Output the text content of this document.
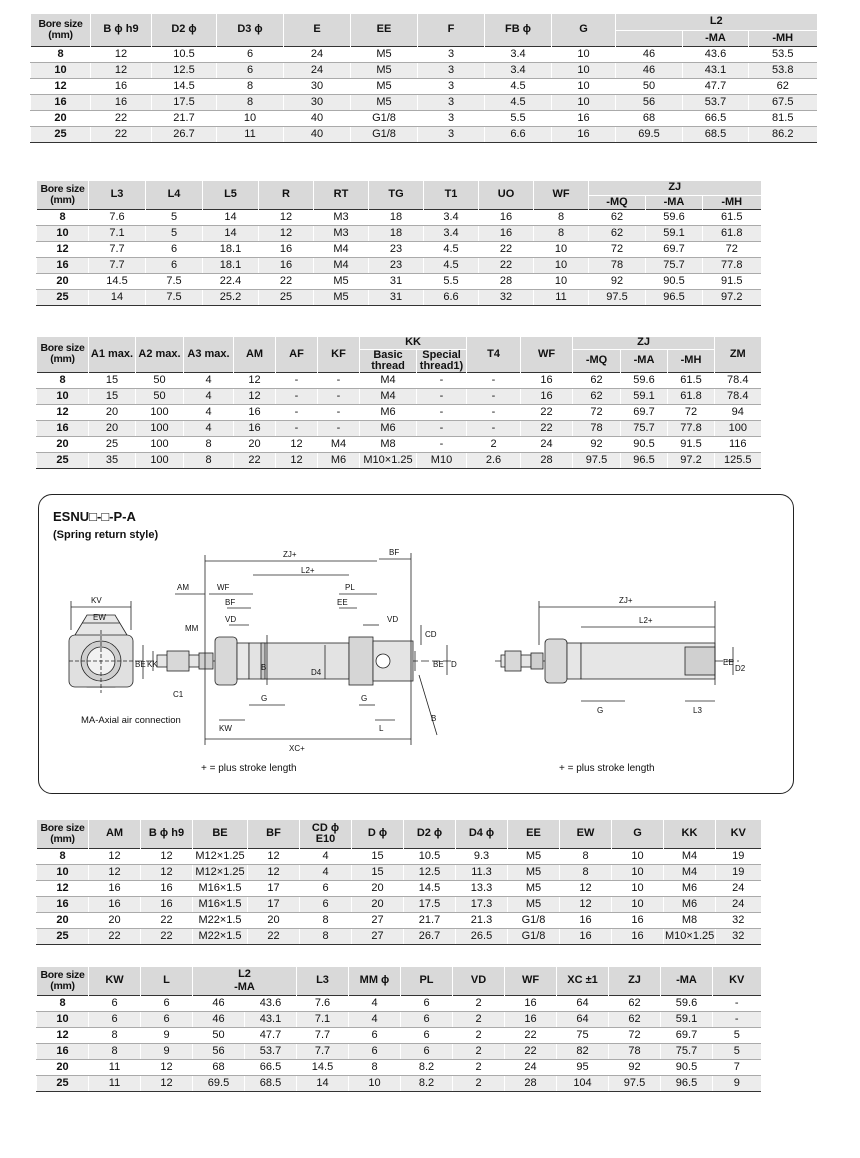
Bore size (mm)	B ϕ h9	D2 ϕ	D3 ϕ	E	EE	F	FB ϕ	G	L2		
										-MA	-MH
8	12	10.5	6	24	M5	3	3.4	10	46	43.6	53.5
10	12	12.5	6	24	M5	3	3.4	10	46	43.1	53.8
12	16	14.5	8	30	M5	3	4.5	10	50	47.7	62
16	16	17.5	8	30	M5	3	4.5	10	56	53.7	67.5
20	22	21.7	10	40	G1/8	3	5.5	16	68	66.5	81.5
25	22	26.7	11	40	G1/8	3	6.6	16	69.5	68.5	86.2
Bore size (mm)	L3	L4	L5	R	RT	TG	T1	UO	WF	ZJ		
										-MQ	-MA	-MH
8	7.6	5	14	12	M3	18	3.4	16	8	62	59.6	61.5
10	7.1	5	14	12	M3	18	3.4	16	8	62	59.1	61.8
12	7.7	6	18.1	16	M4	23	4.5	22	10	72	69.7	72
16	7.7	6	18.1	16	M4	23	4.5	22	10	78	75.7	77.8
20	14.5	7.5	22.4	22	M5	31	5.5	28	10	92	90.5	91.5
25	14	7.5	25.2	25	M5	31	6.6	32	11	97.5	96.5	97.2
Bore size (mm)	A1 max.	A2 max.	A3 max.	AM	AF	KF	KK		T4	WF	ZJ			ZM
							Basic thread	Special thread1)			-MQ	-MA	-MH	
8	15	50	4	12	-	-	M4	-	-	16	62	59.6	61.5	78.4
10	15	50	4	12	-	-	M4	-	-	16	62	59.1	61.8	78.4
12	20	100	4	16	-	-	M6	-	-	22	72	69.7	72	94
16	20	100	4	16	-	-	M6	-	-	22	78	75.7	77.8	100
20	25	100	8	20	12	M4	M8	-	2	24	92	90.5	91.5	116
25	35	100	8	22	12	M6	M10×1.25	M10	2.6	28	97.5	96.5	97.2	125.5
ESNU□-□-P-A
(Spring return style)
KV
EW
ZJ+	BF
AM	WF
L2+
PL
BF	EE
VD	VD
CD
MM
BE KK	B
D4
BE D
C1
KW
G	G
L
B
XC+
MA-Axial air connection
ZJ+
L2+
G	L3
EE
D2
+ = plus stroke length	+ = plus stroke length
Bore size (mm)	AM	B ϕ h9	BE	BF	CD ϕ E10	D ϕ	D2 ϕ	D4 ϕ	EE	EW	G	KK	KV
8	12	12	M12×1.25	12	4	15	10.5	9.3	M5	8	10	M4	19
10	12	12	M12×1.25	12	4	15	12.5	11.3	M5	8	10	M4	19
12	16	16	M16×1.5	17	6	20	14.5	13.3	M5	12	10	M6	24
16	16	16	M16×1.5	17	6	20	17.5	17.3	M5	12	10	M6	24
20	20	22	M22×1.5	20	8	27	21.7	21.3	G1/8	16	16	M8	32
25	22	22	M22×1.5	22	8	27	26.7	26.5	G1/8	16	16	M10×1.25	32
Bore size (mm)	KW	L	L2		L3	MM ϕ	PL	VD	WF	XC ±1	ZJ	-MA	KV
			-MA										
8	6	6	46	43.6	7.6	4	6	2	16	64	62	59.6	-
10	6	6	46	43.1	7.1	4	6	2	16	64	62	59.1	-
12	8	9	50	47.7	7.7	6	6	2	22	75	72	69.7	5
16	8	9	56	53.7	7.7	6	6	2	22	82	78	75.7	5
20	11	12	68	66.5	14.5	8	8.2	2	24	95	92	90.5	7
25	11	12	69.5	68.5	14	10	8.2	2	28	104	97.5	96.5	9
